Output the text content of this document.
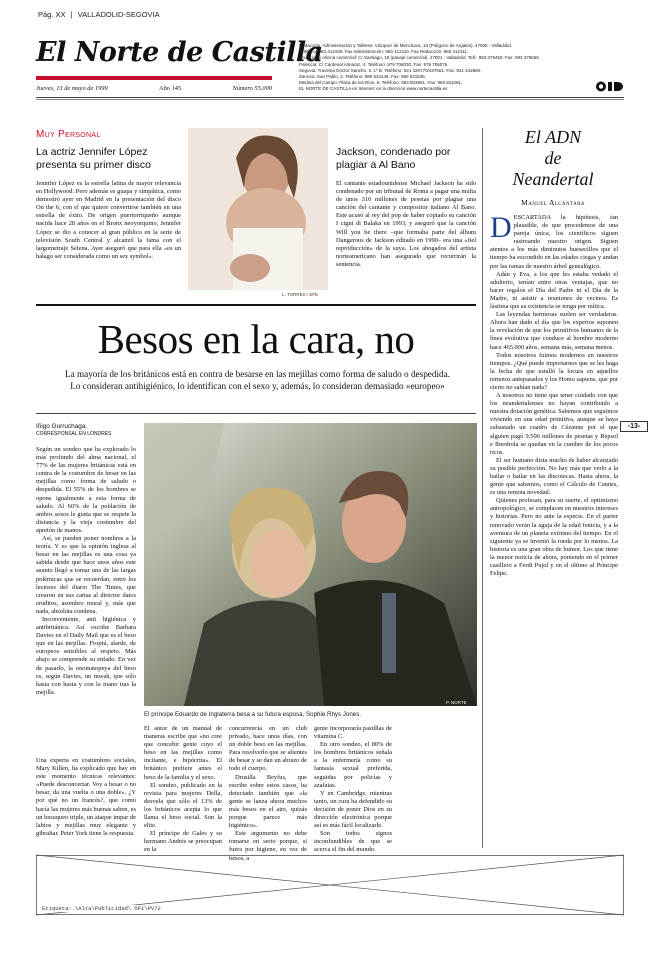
Pág. XX | VALLADOLID-SEGOVIA
El Norte de Castilla
Jueves, 13 de mayo de 1999	Año 145	Número 55.000
Redacción, Administración y Talleres: Vázquez de Menchaca, 10 (Polígono de Argales). 47008 - Valladolid.
Teléfono: 983 412100. Fax Administración: 983 412110. Fax Redacción: 983 412111.
Anuncios y oficina comercial: C/ Santiago, 19 (pasaje comercial). 47001 - Valladolid. Telf.: 983 379450. Fax: 983 379550.
Palencia: C/ Cardenal Almaraz, 4. Teléfono: 979 706030. Fax: 979 706076.
Segovia: Travesía Doctor Sancho, 3. 1º B. Teléfono: 921 420770/437661. Fax: 921 442660.
Zamora: San Pablo, 2. Teléfono: 980 534146. Fax: 980 531536.
Medina del Campo: Plaza de los Ríos, 6. Teléfono: 983 803861. Fax: 983 811091.
EL NORTE DE CASTILLA en Internet: en la dirección www.nortecastilla.es
Muy Personal
La actriz Jennifer López presenta su primer disco

Jennifer López es la estrella latina de mayor relevancia en Hollywood. Pero además es guapa y simpática, como demostró ayer en Madrid en la presentación del disco On the 6, con el que quiere convertirse también en una estrella de éxito. De origen puertorriqueño aunque nacida hace 28 años en el Bronx neoyorquino, Jennifer López se dio a conocer al gran público en la serie de televisión South Central y alcanzó la fama con el largometraje Selena. Ayer aseguró que para ella «es un halago ser considerada como un sex symbol».

L. TORRES / EFE
Jackson, condenado por plagiar a Al Bano

El cantante estadounidense Michael Jackson ha sido condenado por un tribunal de Roma a pagar una multa de unos 310 millones de pesetas por plagiar una canción del cantante y compositor italiano Al Bano. Este acusó al rey del pop de haber copiado su canción I cigni di Balaka en 1993, y aseguró que la canción Will you be there –que formaba parte del álbum Dangerous de Jackson editado en 1990– era una «fiel reproducción» de la suya. Los abogados del artista norteamericano han asegurado que recurrirán la sentencia.

Besos en la cara, no
La mayoría de los británicos está en contra de besarse en las mejillas como forma de saludo o despedida. Lo consideran antihigiénico, lo identifican con el sexo y, además, lo consideran demasiado «europeo»
Iñigo Gurruchaga.
CORRESPONSAL EN LONDRES

Según un sondeo que ha explorado lo más profundo del alma nacional, el 77% de las mujeres británicas está en contra de la costumbre de besar en las mejillas como forma de saludo o despedida. El 55% de los hombres se opone igualmente a esta forma de saludo. Al 60% de la población de ambos sexos le gusta que se respete la distancia y la vieja costumbre del apretón de manos.

Así, se pueden poner nombres a la teoría. Y es que la opinión inglesa al besar en las mejillas es una cosa ya sabida desde que hace unos años este asunto llegó a tomar una de las largas polémicas que se recuerdan, entre los lectores del diario The Times, que crearon en sus cartas al director datos eruditos, asombro moral y, más que nada, absoluta condena.

Inconveniente, anti higiénica y antibritánica. Así escribe Barbara Davies en el Daily Mail que es el beso que en las mejillas. Froptú, alarde, de europeos sensibles al respeto. Más abajo se comprende su enfado. En vez de pasarlo, la onomatopeya del beso es, según Davies, un mwah, que sólo hasta con hasta y con la mano tras la mejilla.

Una experta en costumbres sociales, Mary Killen, ha explicado que hay en este momento técnicas relevantes: «Puede desconcertar. Voy a besar o no besar, da una vuelta o una doble». ¿Y por qué no un francés?, que como hacía las mujeres más buenas saben, es un besuqueo triple, un ataque impar de labios y mejillas muy elegante y gibraltar. Peter York tiene la respuesta.

P. NORTE
El príncipe Eduardo de Inglaterra besa a su futura esposa, Sophie Rhys Jones.

El autor de un manual de maneras escribe que «no cree que concebir gente cuyo el beso en las mejillas como incitante, e hipócrita». El británico prefiere antes el beso de la familia y el sexo.

El sondeo, publicado en la revista para mujeres Della, desvela que sólo el 13% de los británicos acepta lo que llama el beso social. Son la elite.

El príncipe de Gales y su hermano Andrés se preocupan en la

concurrencia en un club privado, hace unos días, con un doble beso en las mejillas. Para resolverlo que se alientes de besar y se dan un abrazo de todo el cuerpo.

Drusilla Beyfus, que escribe sobre estos casos, ha detectado también que «la gente se lanza ahora muchos más besos en el aire, quizás porque parece más higiénico».

Este argumento no debe tomarse en serio porque, si fuera por higiene, en vez de besos, a

gente incorporaría pastillas de vitamina C.

En otro sondeo, el 80% de los hombres británicos señala a la enfermería como su fantasía sexual preferida, seguidas por policías y azafatas.

Y en Cambridge, mientras tanto, un cura ha defendido su decisión de poner Dios en su dirección electrónica porque así es más fácil localizarle.

Son todos signos inconfundibles de que se acerca el fin del mundo.

El ADN
de
Neandertal
Manuel Alcántara

D ESCARTADA la hipótesis, tan plausible, de que procedemos de una pareja única, los científicos siguen rastreando nuestro origen. Siguen atentos a los más diminutos huesecillos que el tiempo ha escondido en las edades ciegas y andan por las ramas de nuestro árbol genealógico.

Adán y Eva, a los que les estaba vedado el adulterio, tenían entre otras ventajas, que no hacer regalos el Día del Padre ni el Día de la Madre, ni asistir a reuniones de vecinos. Es lástima que su existencia se tenga por mítica.

Las leyendas hermosas suelen ser verdaderas. Ahora han dado el día que los expertos suponen la revelación de que los primitivos humanos de la línea evolutiva que conduce al hombre moderno hace 465.000 años, semana más, semana menos.

Todos nosotros fuimos modernos en nuestros tiempos. ¿Qué puede importarnos que se les haga la fecha de que estalló la locura en aquellos remotos antepasados y los Homo sapiens, que por cierto no sabían nada?

A nosotros no tiene que tener cuidado con que los neandertalenses no hayan contribuido a nuestra dotación genética. Sabemos que seguimos viviendo en una edad primitiva, aunque se haya subastado un cuadro de Cézanne por el que alguien pagó 9.500 millones de pesetas y Repsol e Iberdrola se quedan en la cumbre de los pocos ricos.

El ser humano dista mucho de haber alcanzado su posible perfección. No hay más que verlo a la bailar o bailar en las discotecas. Hasta ahora, la gente que sabemos, como el Cálculo de Cannes, es una remota novedad.

Quienes profesan, para su suerte, el optimismo antropológico, se complacen en nuestros intereses y historias. Pero no ante la especie. En el parter renovado verán la aguja de la edad fenicia, y a la aventura de un planeta extremo del tiempo. En el siguiente ya se inventó la rueda por lo menos. La historia es una gran obra de humor. Los que tiene la menor noticia de ahora, poniendo en el primer casillero a Ferdi Pujol y en el último al Príncipe Felipe.

-13-
Etiqueta:.\Alta\Publicidad\ OF1\PV72
